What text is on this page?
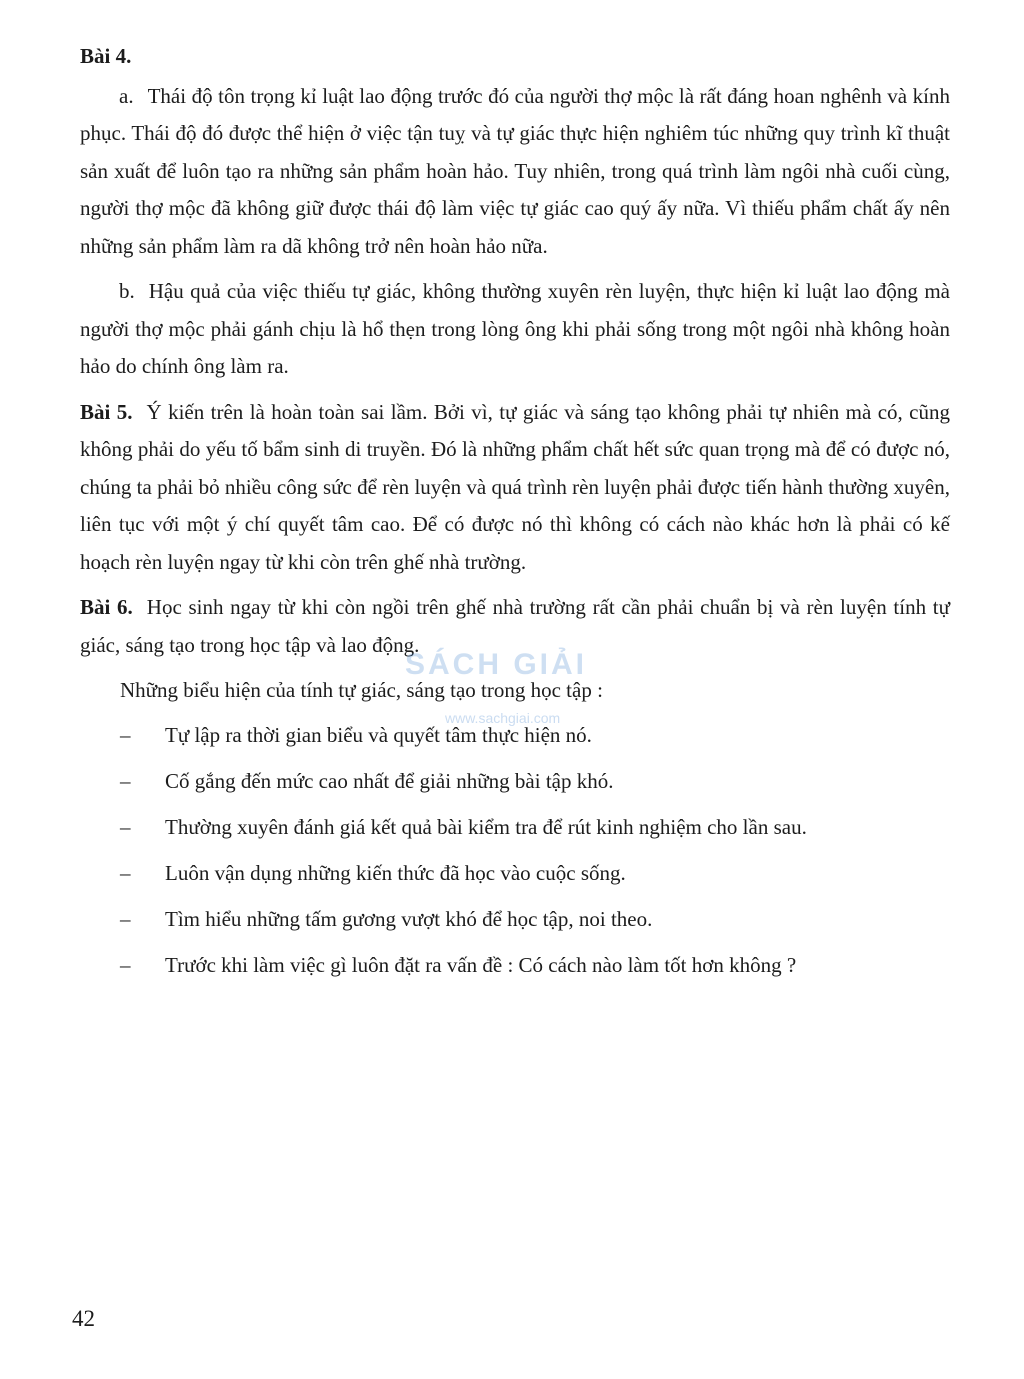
Bài 4.

a. Thái độ tôn trọng kỉ luật lao động trước đó của người thợ mộc là rất đáng hoan nghênh và kính phục. Thái độ đó được thể hiện ở việc tận tuỵ và tự giác thực hiện nghiêm túc những quy trình kĩ thuật sản xuất để luôn tạo ra những sản phẩm hoàn hảo. Tuy nhiên, trong quá trình làm ngôi nhà cuối cùng, người thợ mộc đã không giữ được thái độ làm việc tự giác cao quý ấy nữa. Vì thiếu phẩm chất ấy nên những sản phẩm làm ra dã không trở nên hoàn hảo nữa.

b. Hậu quả của việc thiếu tự giác, không thường xuyên rèn luyện, thực hiện kỉ luật lao động mà người thợ mộc phải gánh chịu là hổ thẹn trong lòng ông khi phải sống trong một ngôi nhà không hoàn hảo do chính ông làm ra.

Bài 5. Ý kiến trên là hoàn toàn sai lầm. Bởi vì, tự giác và sáng tạo không phải tự nhiên mà có, cũng không phải do yếu tố bẩm sinh di truyền. Đó là những phẩm chất hết sức quan trọng mà để có được nó, chúng ta phải bỏ nhiều công sức để rèn luyện và quá trình rèn luyện phải được tiến hành thường xuyên, liên tục với một ý chí quyết tâm cao. Để có được nó thì không có cách nào khác hơn là phải có kế hoạch rèn luyện ngay từ khi còn trên ghế nhà trường.

Bài 6. Học sinh ngay từ khi còn ngồi trên ghế nhà trường rất cần phải chuẩn bị và rèn luyện tính tự giác, sáng tạo trong học tập và lao động.

Những biểu hiện của tính tự giác, sáng tạo trong học tập :
– Tự lập ra thời gian biểu và quyết tâm thực hiện nó.
– Cố gắng đến mức cao nhất để giải những bài tập khó.
– Thường xuyên đánh giá kết quả bài kiểm tra để rút kinh nghiệm cho lần sau.
– Luôn vận dụng những kiến thức đã học vào cuộc sống.
– Tìm hiểu những tấm gương vượt khó để học tập, noi theo.
– Trước khi làm việc gì luôn đặt ra vấn đề : Có cách nào làm tốt hơn không ?
SÁCH GIẢI
www.sachgiai.com
42
